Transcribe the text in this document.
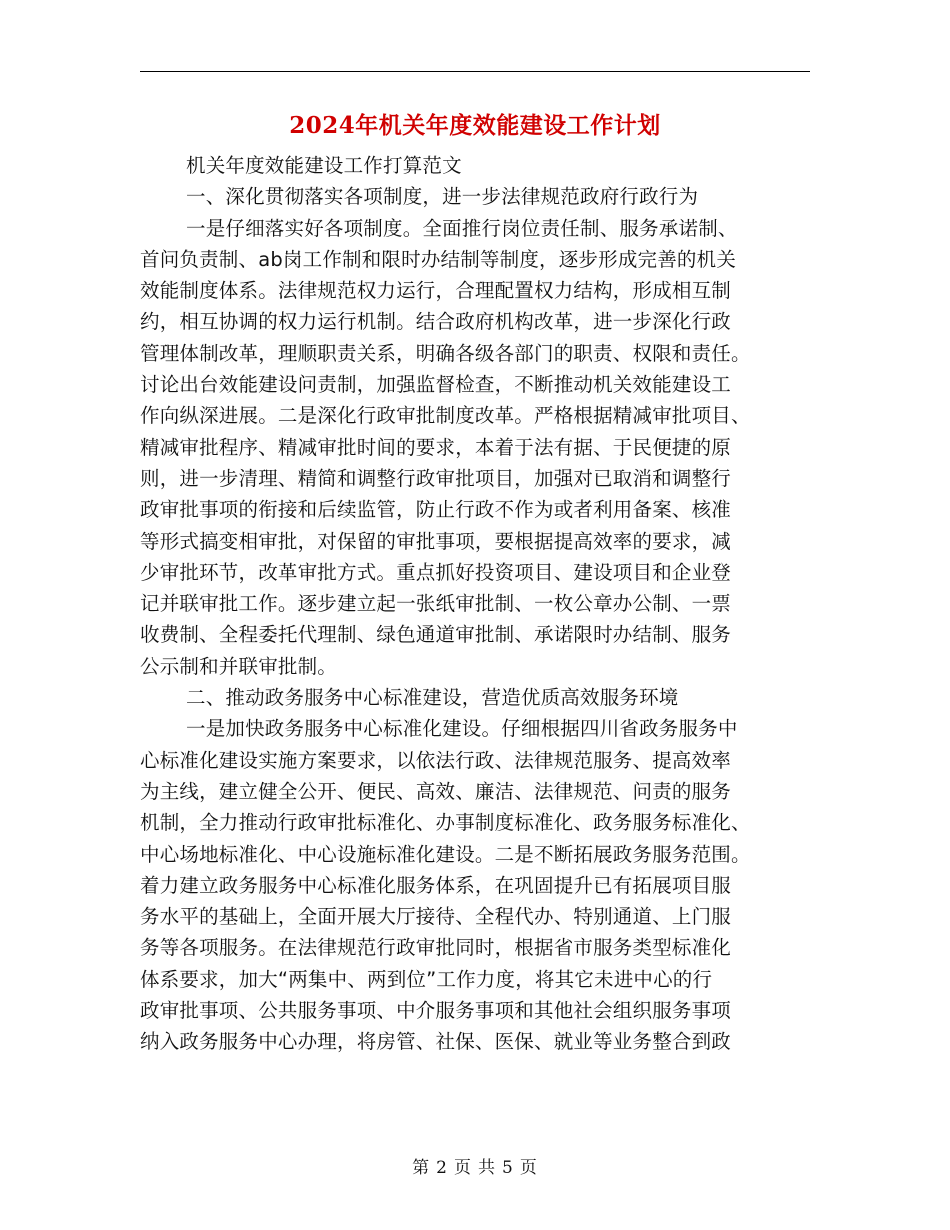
2024年机关年度效能建设工作计划
机关年度效能建设工作打算范文
一、深化贯彻落实各项制度，进一步法律规范政府行政行为
一是仔细落实好各项制度。全面推行岗位责任制、服务承诺制、
首问负责制、ab岗工作制和限时办结制等制度，逐步形成完善的机关
效能制度体系。法律规范权力运行，合理配置权力结构，形成相互制
约，相互协调的权力运行机制。结合政府机构改革，进一步深化行政
管理体制改革，理顺职责关系，明确各级各部门的职责、权限和责任。
讨论出台效能建设问责制，加强监督检查，不断推动机关效能建设工
作向纵深进展。二是深化行政审批制度改革。严格根据精减审批项目、
精减审批程序、精减审批时间的要求，本着于法有据、于民便捷的原
则，进一步清理、精简和调整行政审批项目，加强对已取消和调整行
政审批事项的衔接和后续监管，防止行政不作为或者利用备案、核准
等形式搞变相审批，对保留的审批事项，要根据提高效率的要求，减
少审批环节，改革审批方式。重点抓好投资项目、建设项目和企业登
记并联审批工作。逐步建立起一张纸审批制、一枚公章办公制、一票
收费制、全程委托代理制、绿色通道审批制、承诺限时办结制、服务
公示制和并联审批制。
二、推动政务服务中心标准建设，营造优质高效服务环境
一是加快政务服务中心标准化建设。仔细根据四川省政务服务中
心标准化建设实施方案要求，以依法行政、法律规范服务、提高效率
为主线，建立健全公开、便民、高效、廉洁、法律规范、问责的服务
机制，全力推动行政审批标准化、办事制度标准化、政务服务标准化、
中心场地标准化、中心设施标准化建设。二是不断拓展政务服务范围。
着力建立政务服务中心标准化服务体系，在巩固提升已有拓展项目服
务水平的基础上，全面开展大厅接待、全程代办、特别通道、上门服
务等各项服务。在法律规范行政审批同时，根据省市服务类型标准化
体系要求，加大“两集中、两到位”工作力度，将其它未进中心的行
政审批事项、公共服务事项、中介服务事项和其他社会组织服务事项
纳入政务服务中心办理，将房管、社保、医保、就业等业务整合到政
第 2 页 共 5 页
